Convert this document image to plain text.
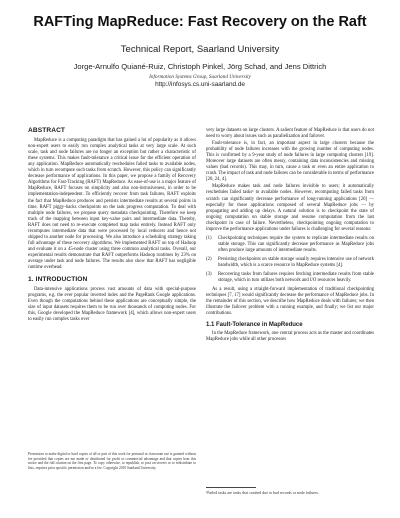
RAFTing MapReduce: Fast Recovery on the Raft
Technical Report, Saarland University
Jorge-Arnulfo Quiané-Ruiz, Christoph Pinkel, Jörg Schad, and Jens Dittrich
Information Systems Group, Saarland University
http://infosys.cs.uni-saarland.de
ABSTRACT

MapReduce is a computing paradigm that has gained a lot of popularity as it allows non-expert users to easily run complex analytical tasks at very large scale. At such scale, task and node failures are no longer an exception but rather a characteristic of these systems. This makes fault-tolerance a critical issue for the efficient operation of any application. MapReduce automatically reschedules failed tasks to available nodes, which in turn recompute such tasks from scratch. However, this policy can significantly decrease performance of applications. In this paper, we propose a family of Recovery Algorithms for Fast-Tracking (RAFT) MapReduce. As ease-of-use is a major feature of MapReduce, RAFT focuses on simplicity and also non-intrusiveness, in order to be implementation-independent. To efficiently recover from task failures, RAFT exploits the fact that MapReduce produces and persists intermediate results at several points in time. RAFT piggy-backs checkpoints on the task progress computation. To deal with multiple node failures, we propose query metadata checkpointing. Therefore we keep track of the mapping between input key-value pairs and intermediate data. Thereby, RAFT does not need to re-execute completed map tasks entirely. Instead RAFT only recomputes intermediate data that were processed by local reducers and hence not shipped to another node for processing. We also introduce a scheduling strategy taking full advantage of these recovery algorithms. We implemented RAFT on top of Hadoop and evaluate it on a 45-node cluster using three common analytical tasks. Overall, our experimental results demonstrate that RAFT outperforms Hadoop runtimes by 23% on average under task and node failures. The results also show that RAFT has negligible runtime overhead.

1. INTRODUCTION

Data-intensive applications process vast amounts of data with special-purpose programs, e.g. the ever popular inverted index and the PageRank Google applications. Even though the computations behind these applications are conceptually simple, the size of input datasets requires them to be run over thousands of computing nodes. For this, Google developed the MapReduce framework [4], which allows non-expert users to easily run complex tasks over

Permission to make digital or hard copies of all or part of this work for personal or classroom use is granted without fee provided that copies are not made or distributed for profit or commercial advantage and that copies bear this notice and the full citation on the first page. To copy otherwise, to republish, to post on servers or to redistribute to lists, requires prior specific permission and/or a fee. Copyright 2010 Saarland University.

very large datasets on large clusters. A salient feature of MapReduce is that users do not need to worry about issues such as parallelization and failover.

Fault-tolerance is, in fact, an important aspect in large clusters because the probability of node failures increases with the growing number of computing nodes. This is confirmed by a 9-year study of node failures in large computing clusters [19]. Moreover large datasets are often messy, containing data inconsistencies and missing values (bad records). This may, in turn, cause a task or even an entire application to crash. The impact of task and node failures can be considerable in terms of performance [20, 24, 4].

MapReduce makes task and node failures invisible to users; it automatically reschedules failed tasks¹ to available nodes. However, recomputing failed tasks from scratch can significantly decrease performance of long-running applications [20] — especially for those applications composed of several MapReduce jobs — by propagating and adding up delays. A natural solution is to checkpoint the state of ongoing computation on stable storage and resume computation from the last checkpoint in case of failure. Nevertheless, checkpointing ongoing computation to improve the performance applications under failures is challenging for several reasons:

(1)	Checkpointing techniques require the system to replicate intermediate results on stable storage. This can significantly decrease performance as MapReduce jobs often produce large amounts of intermediate results.
(2)	Persisting checkpoints on stable storage usually requires intensive use of network bandwidth, which is a scarce resource in MapReduce systems [4].
(3)	Recovering tasks from failures requires fetching intermediate results from stable storage, which in turn utilizes both network and I/O resources heavily.

As a result, using a straight-forward implementation of traditional checkpointing techniques [7, 17] would significantly decrease the performance of MapReduce jobs. In the remainder of this section, we describe how MapReduce deals with failures; we then illustrate the failover problem with a running example, and finally; we list our major contributions.

1.1 Fault-Tolerance in MapReduce

In the MapReduce framework, one central process acts as the master and coordinates MapReduce jobs while all other processes

¹Failed tasks are tasks that crashed due to bad records or node failures.
